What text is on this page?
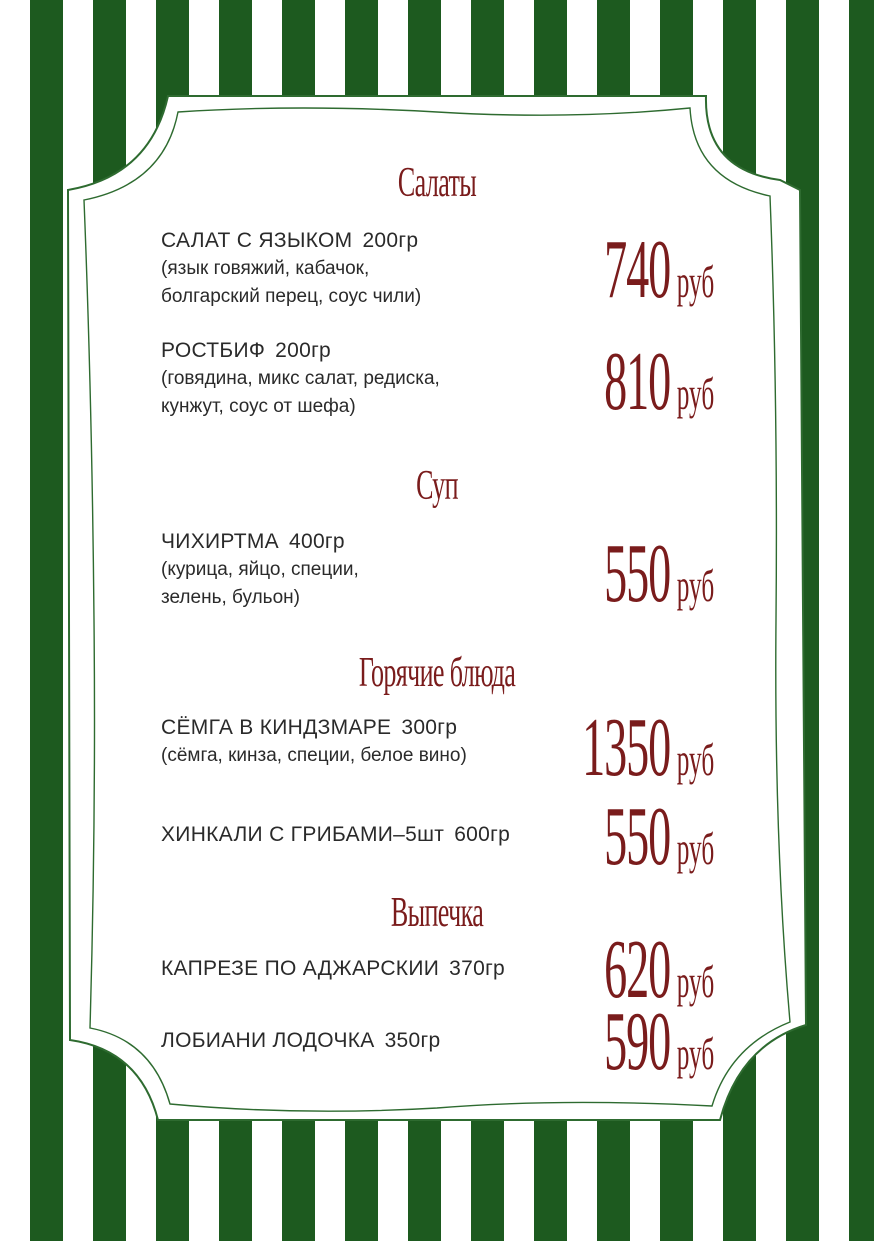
Салаты
САЛАТ С ЯЗЫКОМ 200гр
(язык говяжий, кабачок,
болгарский перец, соус чили) 740 руб
РОСТБИФ 200гр
(говядина, микс салат, редиска,
кунжут, соус от шефа)	810 руб
Суп
ЧИХИРТМА 400гр
(курица, яйцо, специи,
зелень, бульон)	550 руб
Горячие блюда
СЁМГА В КИНДЗМАРЕ 300гр
(сёмга, кинза, специи, белое вино) 1350 руб
ХИНКАЛИ С ГРИБАМИ–5шт 600гр 550 руб
Выпечка
КАПРЕЗЕ ПО АДЖАРСКИИ 370гр 620 руб
ЛОБИАНИ ЛОДОЧКА 350гр 590 руб
